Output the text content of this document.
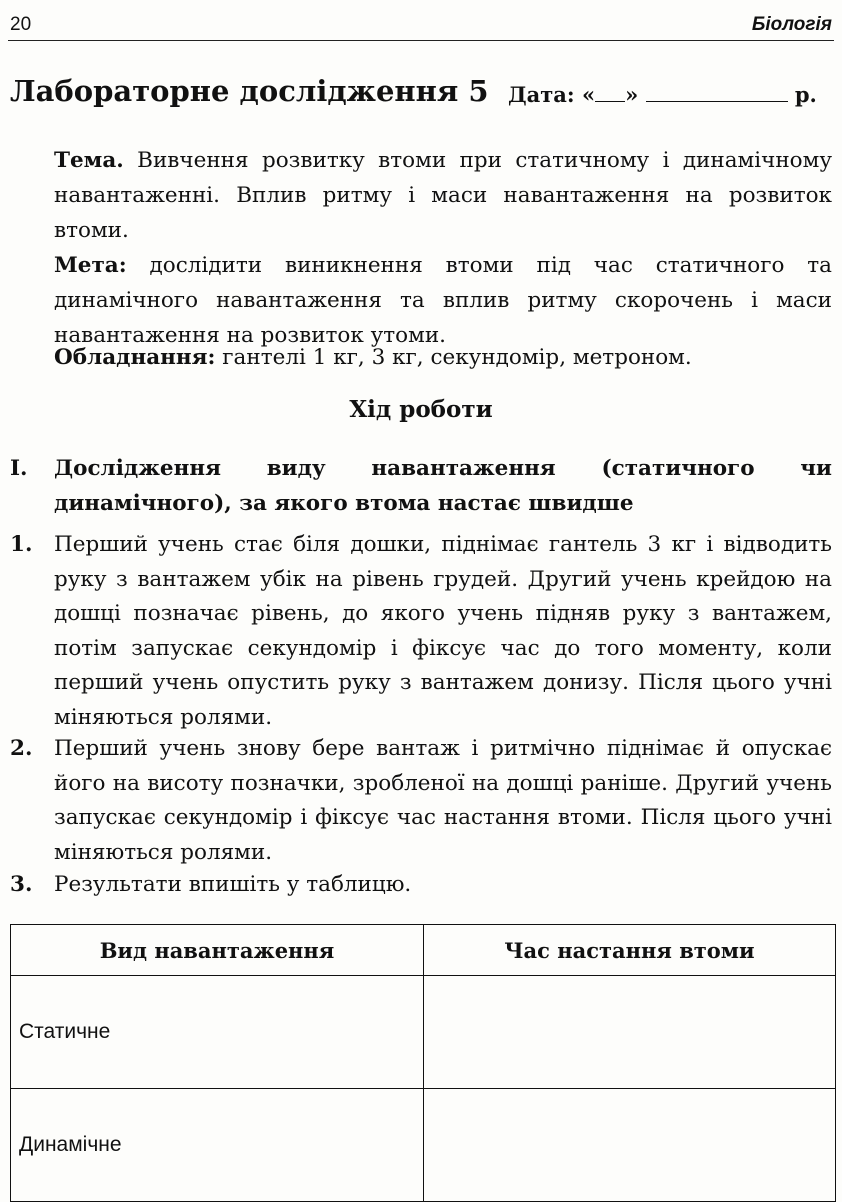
20	Біологія
Лабораторне дослідження 5 Дата: « »	р.

Тема. Вивчення розвитку втоми при статичному і динамічному навантаженні. Вплив ритму і маси навантаження на розвиток втоми.

Мета: дослідити виникнення втоми під час статичного та динамічного навантаження та вплив ритму скорочень і маси навантаження на розвиток утоми.

Обладнання: гантелі 1 кг, 3 кг, секундомір, метроном.

Хід роботи
I. Дослідження виду навантаження (статичного чи динамічного), за якого втома настає швидше
1. Перший учень стає біля дошки, піднімає гантель 3 кг і відводить руку з вантажем убік на рівень грудей. Другий учень крейдою на дошці позначає рівень, до якого учень підняв руку з вантажем, потім запускає секундомір і фіксує час до того моменту, коли перший учень опустить руку з вантажем донизу. Після цього учні міняються ролями.
2. Перший учень знову бере вантаж і ритмічно піднімає й опускає його на висоту позначки, зробленої на дошці раніше. Другий учень запускає секундомір і фіксує час настання втоми. Після цього учні міняються ролями.
3. Результати впишіть у таблицю.
Вид навантаження	Час настання втоми
Статичне	
Динамічне	
